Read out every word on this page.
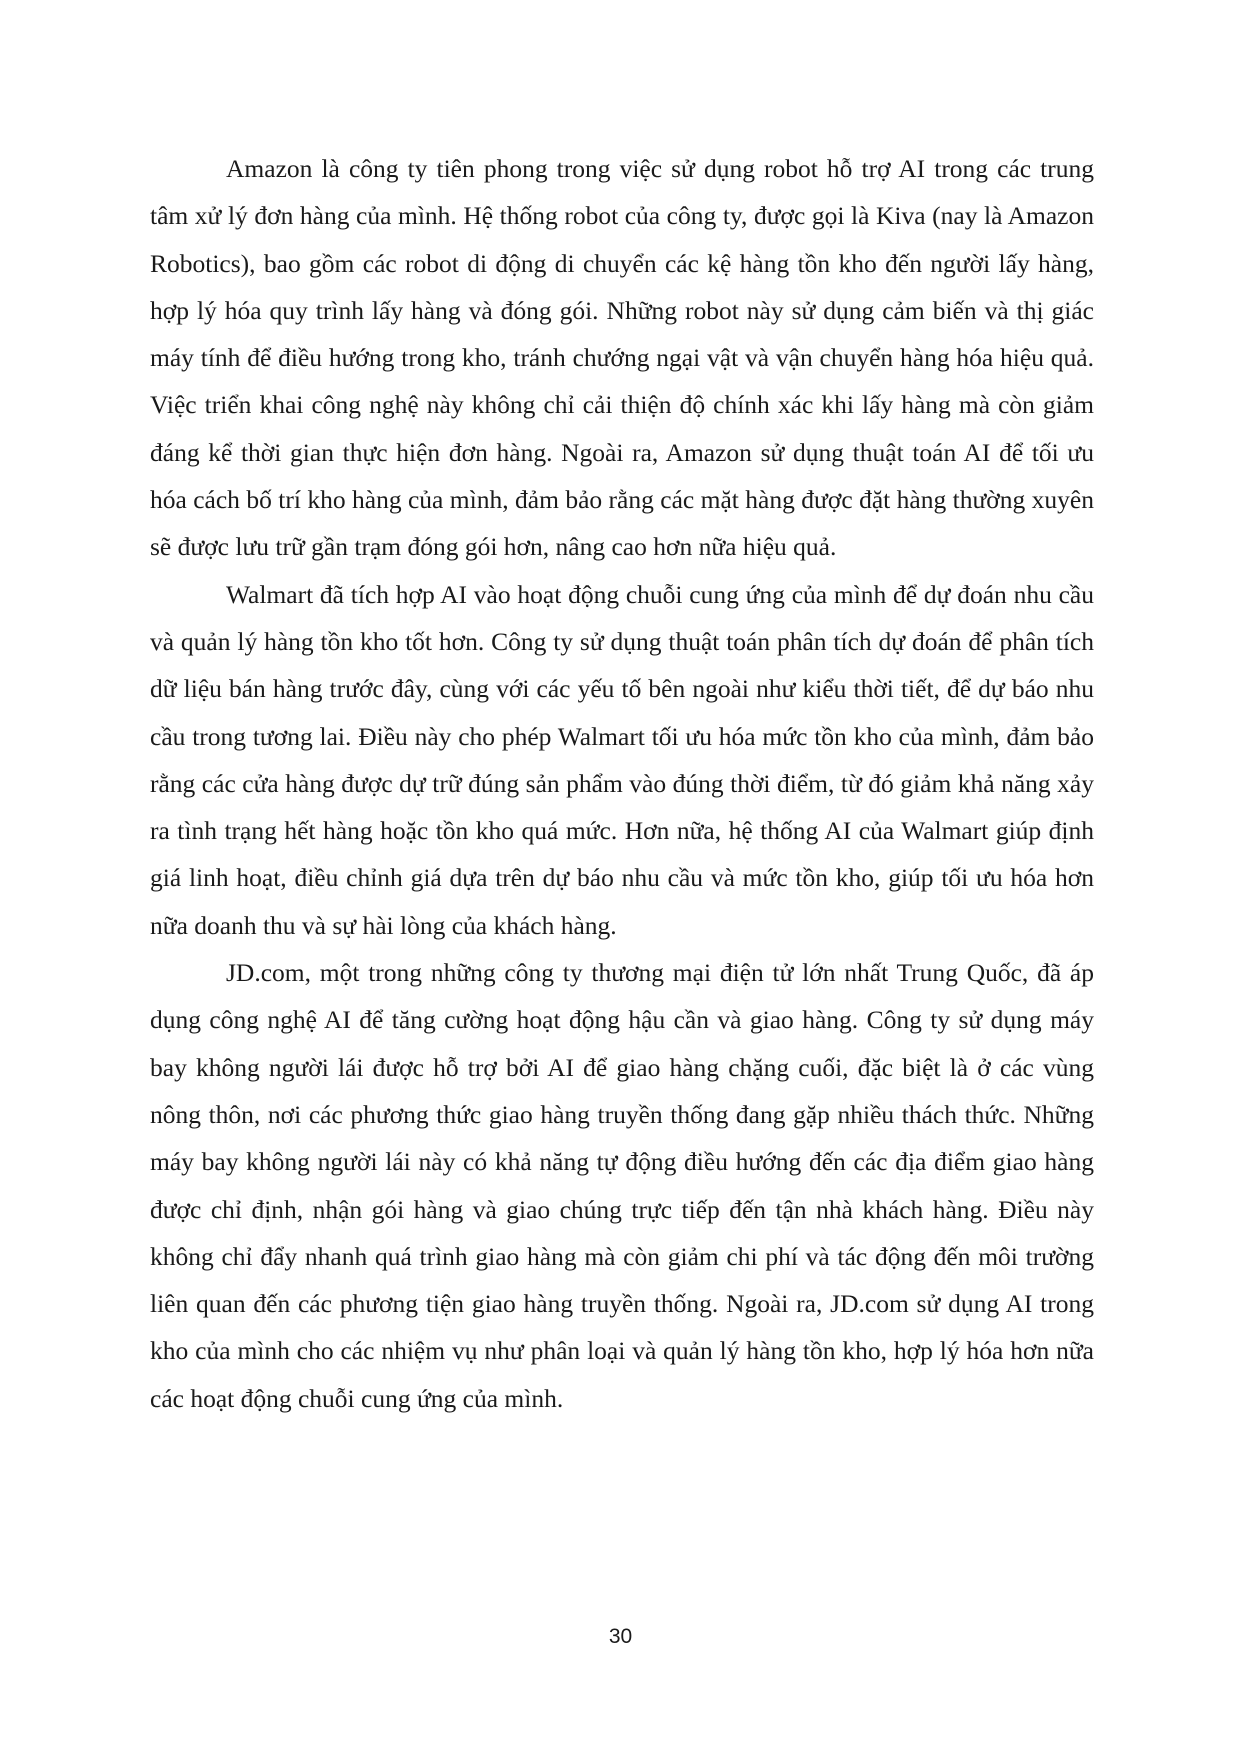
Amazon là công ty tiên phong trong việc sử dụng robot hỗ trợ AI trong các trung tâm xử lý đơn hàng của mình. Hệ thống robot của công ty, được gọi là Kiva (nay là Amazon Robotics), bao gồm các robot di động di chuyển các kệ hàng tồn kho đến người lấy hàng, hợp lý hóa quy trình lấy hàng và đóng gói. Những robot này sử dụng cảm biến và thị giác máy tính để điều hướng trong kho, tránh chướng ngại vật và vận chuyển hàng hóa hiệu quả. Việc triển khai công nghệ này không chỉ cải thiện độ chính xác khi lấy hàng mà còn giảm đáng kể thời gian thực hiện đơn hàng. Ngoài ra, Amazon sử dụng thuật toán AI để tối ưu hóa cách bố trí kho hàng của mình, đảm bảo rằng các mặt hàng được đặt hàng thường xuyên sẽ được lưu trữ gần trạm đóng gói hơn, nâng cao hơn nữa hiệu quả.

Walmart đã tích hợp AI vào hoạt động chuỗi cung ứng của mình để dự đoán nhu cầu và quản lý hàng tồn kho tốt hơn. Công ty sử dụng thuật toán phân tích dự đoán để phân tích dữ liệu bán hàng trước đây, cùng với các yếu tố bên ngoài như kiểu thời tiết, để dự báo nhu cầu trong tương lai. Điều này cho phép Walmart tối ưu hóa mức tồn kho của mình, đảm bảo rằng các cửa hàng được dự trữ đúng sản phẩm vào đúng thời điểm, từ đó giảm khả năng xảy ra tình trạng hết hàng hoặc tồn kho quá mức. Hơn nữa, hệ thống AI của Walmart giúp định giá linh hoạt, điều chỉnh giá dựa trên dự báo nhu cầu và mức tồn kho, giúp tối ưu hóa hơn nữa doanh thu và sự hài lòng của khách hàng.

JD.com, một trong những công ty thương mại điện tử lớn nhất Trung Quốc, đã áp dụng công nghệ AI để tăng cường hoạt động hậu cần và giao hàng. Công ty sử dụng máy bay không người lái được hỗ trợ bởi AI để giao hàng chặng cuối, đặc biệt là ở các vùng nông thôn, nơi các phương thức giao hàng truyền thống đang gặp nhiều thách thức. Những máy bay không người lái này có khả năng tự động điều hướng đến các địa điểm giao hàng được chỉ định, nhận gói hàng và giao chúng trực tiếp đến tận nhà khách hàng. Điều này không chỉ đẩy nhanh quá trình giao hàng mà còn giảm chi phí và tác động đến môi trường liên quan đến các phương tiện giao hàng truyền thống. Ngoài ra, JD.com sử dụng AI trong kho của mình cho các nhiệm vụ như phân loại và quản lý hàng tồn kho, hợp lý hóa hơn nữa các hoạt động chuỗi cung ứng của mình.

30
